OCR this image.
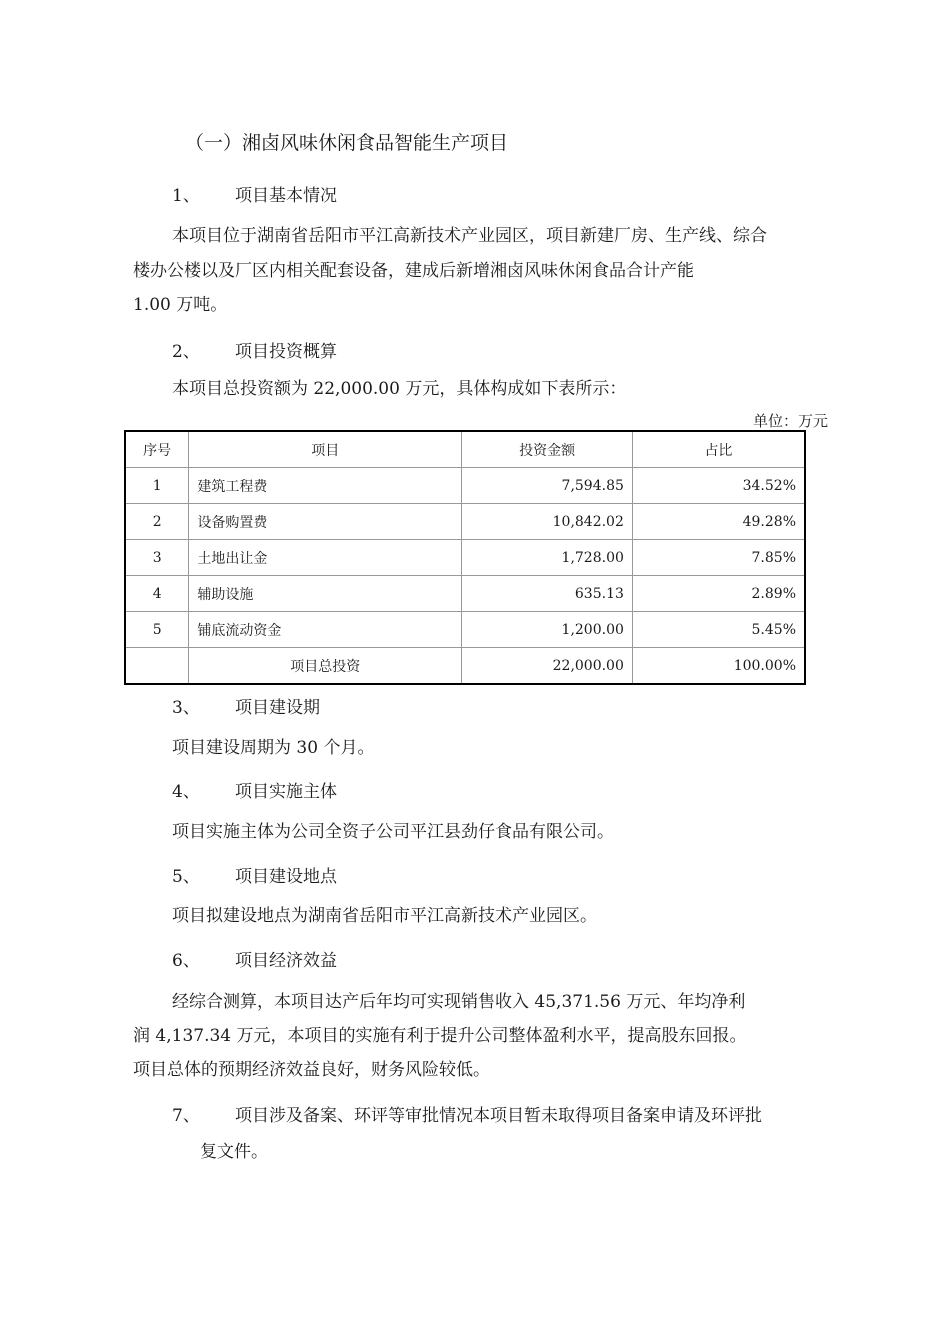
（一）湘卤风味休闲食品智能生产项目
1、 项目基本情况
本项目位于湖南省岳阳市平江高新技术产业园区，项目新建厂房、生产线、综合
楼办公楼以及厂区内相关配套设备，建成后新增湘卤风味休闲食品合计产能
1.00 万吨。
2、 项目投资概算
本项目总投资额为 22,000.00 万元，具体构成如下表所示：
单位：万元
序号	项目	投资金额	占比
1	建筑工程费	7,594.85	34.52%
2	设备购置费	10,842.02	49.28%
3	土地出让金	1,728.00	7.85%
4	辅助设施	635.13	2.89%
5	铺底流动资金	1,200.00	5.45%
	项目总投资	22,000.00	100.00%
3、 项目建设期
项目建设周期为 30 个月。
4、 项目实施主体
项目实施主体为公司全资子公司平江县劲仔食品有限公司。
5、 项目建设地点
项目拟建设地点为湖南省岳阳市平江高新技术产业园区。
6、 项目经济效益
经综合测算，本项目达产后年均可实现销售收入 45,371.56 万元、年均净利
润 4,137.34 万元，本项目的实施有利于提升公司整体盈利水平，提高股东回报。
项目总体的预期经济效益良好，财务风险较低。
7、 项目涉及备案、环评等审批情况本项目暂未取得项目备案申请及环评批
复文件。
